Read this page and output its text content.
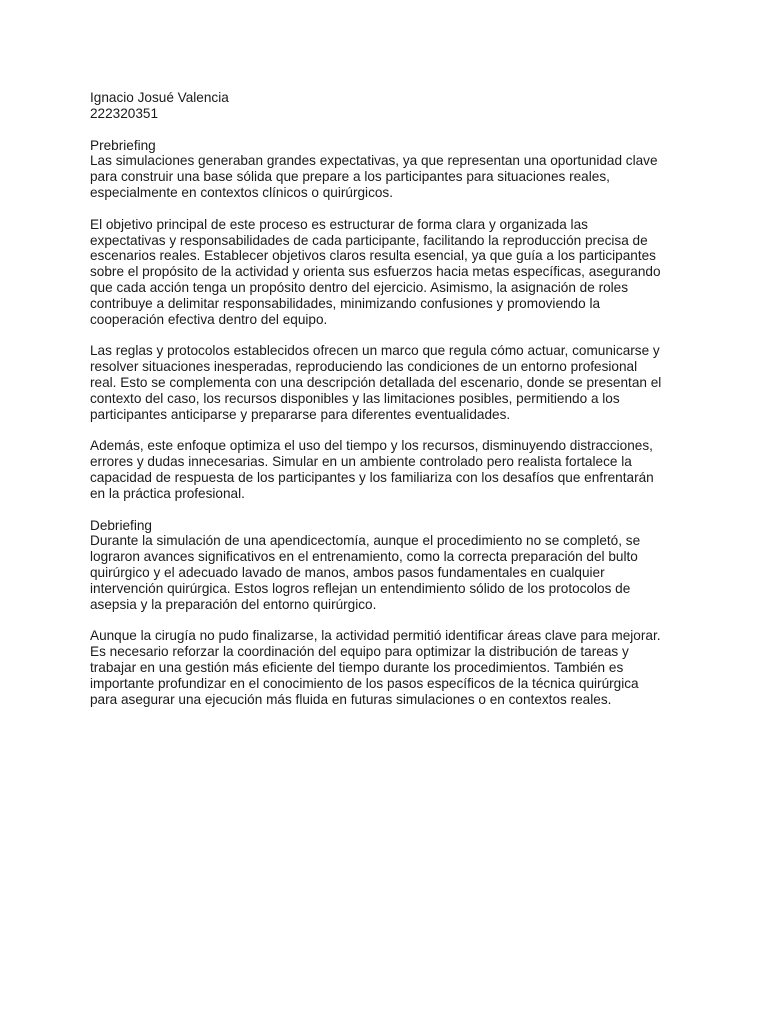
Ignacio Josué Valencia
222320351
Prebriefing
Las simulaciones generaban grandes expectativas, ya que representan una oportunidad clave
para construir una base sólida que prepare a los participantes para situaciones reales,
especialmente en contextos clínicos o quirúrgicos.
El objetivo principal de este proceso es estructurar de forma clara y organizada las
expectativas y responsabilidades de cada participante, facilitando la reproducción precisa de
escenarios reales. Establecer objetivos claros resulta esencial, ya que guía a los participantes
sobre el propósito de la actividad y orienta sus esfuerzos hacia metas específicas, asegurando
que cada acción tenga un propósito dentro del ejercicio. Asimismo, la asignación de roles
contribuye a delimitar responsabilidades, minimizando confusiones y promoviendo la
cooperación efectiva dentro del equipo.
Las reglas y protocolos establecidos ofrecen un marco que regula cómo actuar, comunicarse y
resolver situaciones inesperadas, reproduciendo las condiciones de un entorno profesional
real. Esto se complementa con una descripción detallada del escenario, donde se presentan el
contexto del caso, los recursos disponibles y las limitaciones posibles, permitiendo a los
participantes anticiparse y prepararse para diferentes eventualidades.
Además, este enfoque optimiza el uso del tiempo y los recursos, disminuyendo distracciones,
errores y dudas innecesarias. Simular en un ambiente controlado pero realista fortalece la
capacidad de respuesta de los participantes y los familiariza con los desafíos que enfrentarán
en la práctica profesional.
Debriefing
Durante la simulación de una apendicectomía, aunque el procedimiento no se completó, se
lograron avances significativos en el entrenamiento, como la correcta preparación del bulto
quirúrgico y el adecuado lavado de manos, ambos pasos fundamentales en cualquier
intervención quirúrgica. Estos logros reflejan un entendimiento sólido de los protocolos de
asepsia y la preparación del entorno quirúrgico.
Aunque la cirugía no pudo finalizarse, la actividad permitió identificar áreas clave para mejorar.
Es necesario reforzar la coordinación del equipo para optimizar la distribución de tareas y
trabajar en una gestión más eficiente del tiempo durante los procedimientos. También es
importante profundizar en el conocimiento de los pasos específicos de la técnica quirúrgica
para asegurar una ejecución más fluida en futuras simulaciones o en contextos reales.
